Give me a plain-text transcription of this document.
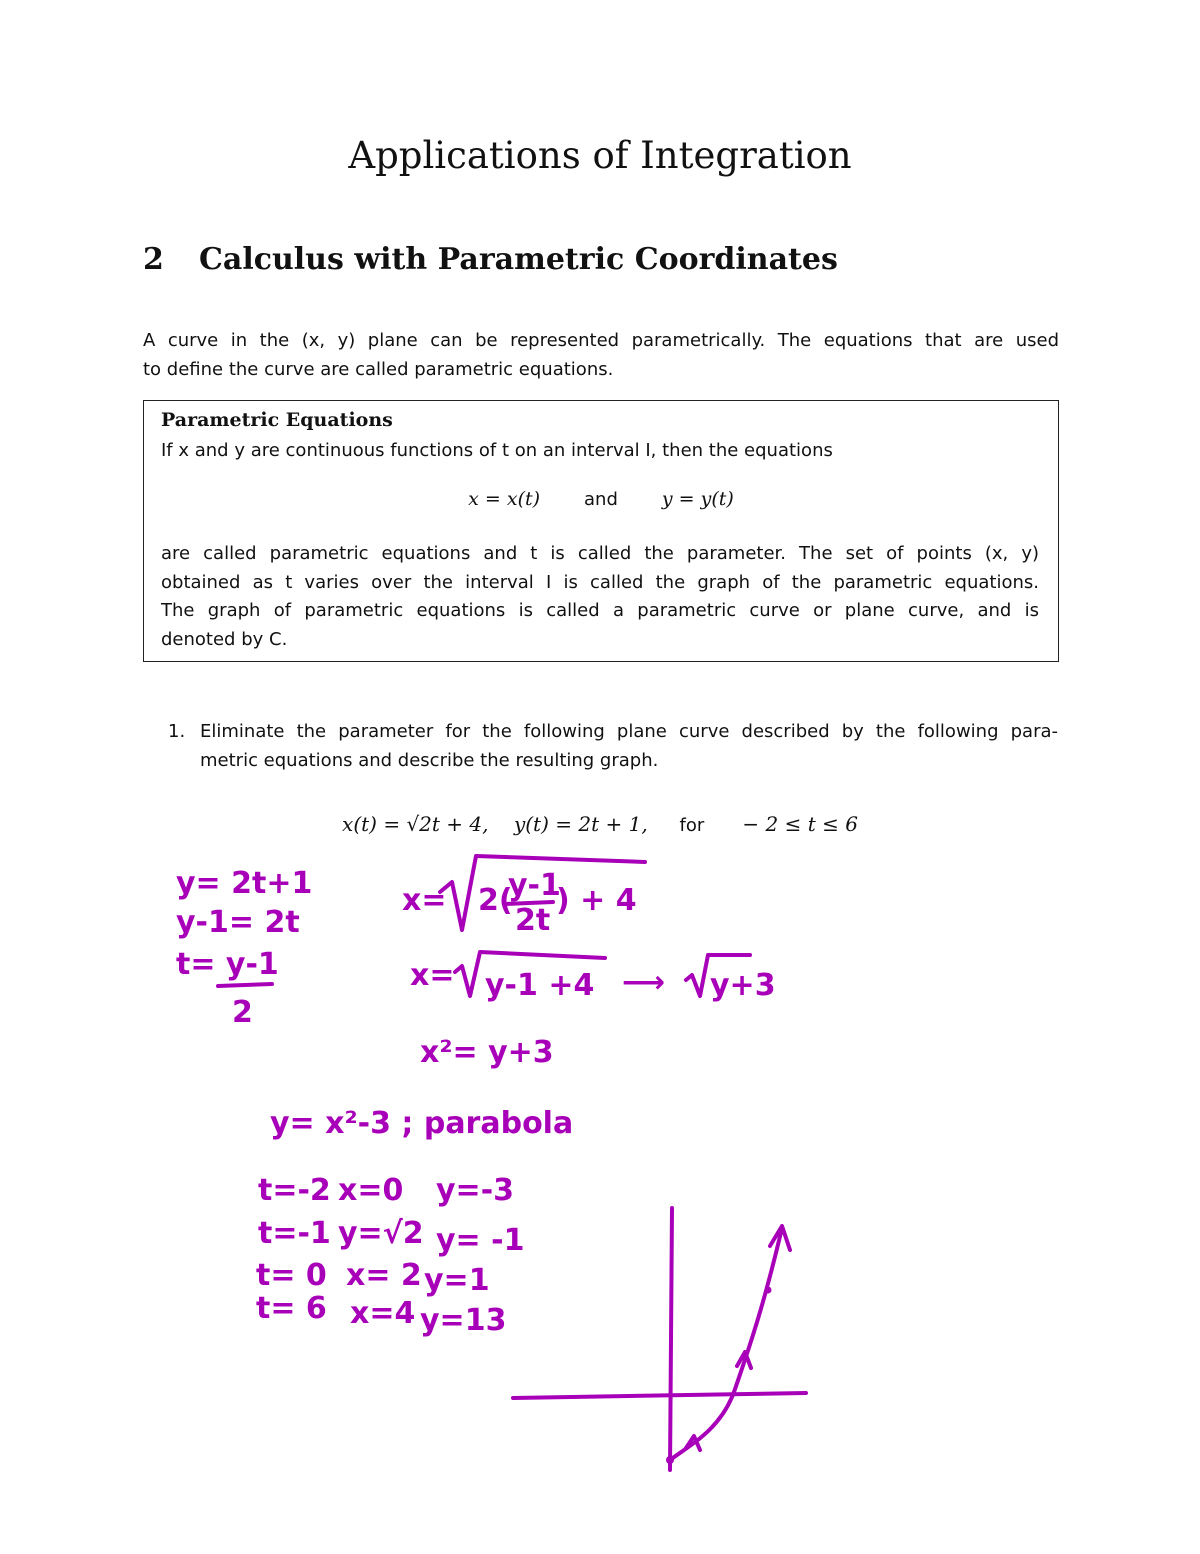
Applications of Integration
2 Calculus with Parametric Coordinates
A curve in the (x, y) plane can be represented parametrically. The equations that are used
to define the curve are called parametric equations.
Parametric Equations
If x and y are continuous functions of t on an interval I, then the equations
x = x(t) and y = y(t)
are called parametric equations and t is called the parameter. The set of points (x, y)
obtained as t varies over the interval I is called the graph of the parametric equations.
The graph of parametric equations is called a parametric curve or plane curve, and is
denoted by C.
1. Eliminate the parameter for the following plane curve described by the following para-
metric equations and describe the resulting graph.
x(t) = √2t + 4, y(t) = 2t + 1, for − 2 ≤ t ≤ 6
y= 2t+1
y-1= 2t
t= y-1
2
x= 2(
y-1
2t
) + 4
x= y-1 +4 ⟶ y+3
x²= y+3
y= x²-3 ; parabola
t=-2 x=0 y=-3
t=-1 y=√2 y= -1
t= 0 x= 2 y=1
t= 6 x=4 y=13
